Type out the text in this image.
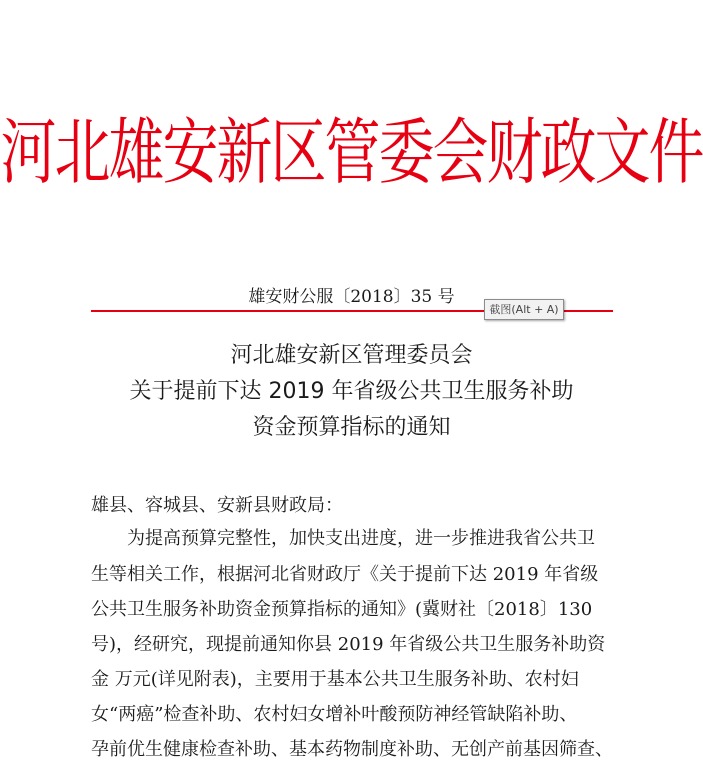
河北雄安新区管委会财政文件
雄安财公服〔2018〕35 号
截图(Alt + A)
河北雄安新区管理委员会
关于提前下达 2019 年省级公共卫生服务补助
资金预算指标的通知
雄县、容城县、安新县财政局：
为提高预算完整性，加快支出进度，进一步推进我省公共卫
生等相关工作，根据河北省财政厅《关于提前下达 2019 年省级
公共卫生服务补助资金预算指标的通知》(冀财社〔2018〕130
号)，经研究，现提前通知你县 2019 年省级公共卫生服务补助资
金 万元(详见附表)，主要用于基本公共卫生服务补助、农村妇
女“两癌”检查补助、农村妇女增补叶酸预防神经管缺陷补助、
孕前优生健康检查补助、基本药物制度补助、无创产前基因筛查、
